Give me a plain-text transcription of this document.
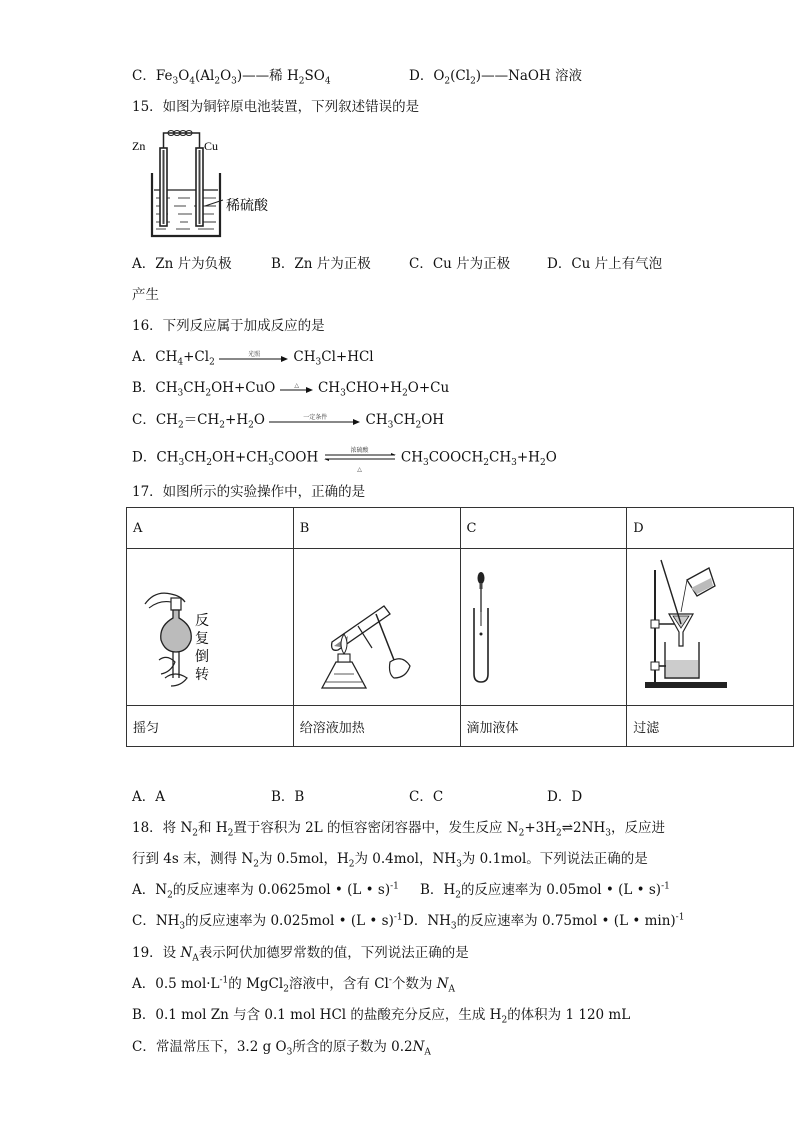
C．$Fe_3O_4(Al_2O_3)——$稀 $H_2SO_4$	D．$O_2(Cl_2)——NaOH$ 溶液
15．如图为铜锌原电池装置，下列叙述错误的是
Zn	Cu
稀硫酸
A．Zn 片为负极	B．Zn 片为正极	C．Cu 片为正极	D．Cu 片上有气泡
产生
16．下列反应属于加成反应的是
A．$CH_4+Cl_2$
光照	$CH_3Cl+HCl$
B．$CH_3CH_2OH+CuO$	△	$CH_3CHO+H_2O+Cu$
C．$CH_2=CH_2+H_2O$	一定条件	$CH_3CH_2OH$
D．$CH_3CH_2OH+CH_3COOH$	浓硫酸
△
$CH_3COOCH_2CH_3+H_2O$
17．如图所示的实验操作中，正确的是
A	B	C	D

反
复
倒
转

摇匀	给溶液加热	滴加液体	过滤
A．A	B．B	C．C	D．D
18．将 $N_2$和 $H_2$置于容积为 2L 的恒容密闭容器中，发生反应 $N_2+3H_2\rightleftharpoons 2NH_3$，反应进
行到 4s 末，测得 $N_2$为 0.5mol，$H_2$为 0.4mol，$NH_3$为 0.1mol。下列说法正确的是
A．$N_2$的反应速率为 0.0625mol • (L • s)$^{-1}$ B．$H_2$的反应速率为 0.05mol • (L • s)$^{-1}$
C．$NH_3$的反应速率为 0.025mol • (L • s)$^{-1}$ D．$NH_3$的反应速率为 0.75mol • (L • min)$^{-1}$
19．设 $N_A$表示阿伏加德罗常数的值，下列说法正确的是
A．0.5 $mol\cdot L^{-1}$的 MgCl$_2$溶液中，含有 Cl-个数为 $N_A$
B．0.1 mol Zn 与含 0.1 mol HCl 的盐酸充分反应，生成 $H_2$的体积为 1 120 mL
C．常温常压下，3.2 g $O_3$所含的原子数为 $0.2N_A$
